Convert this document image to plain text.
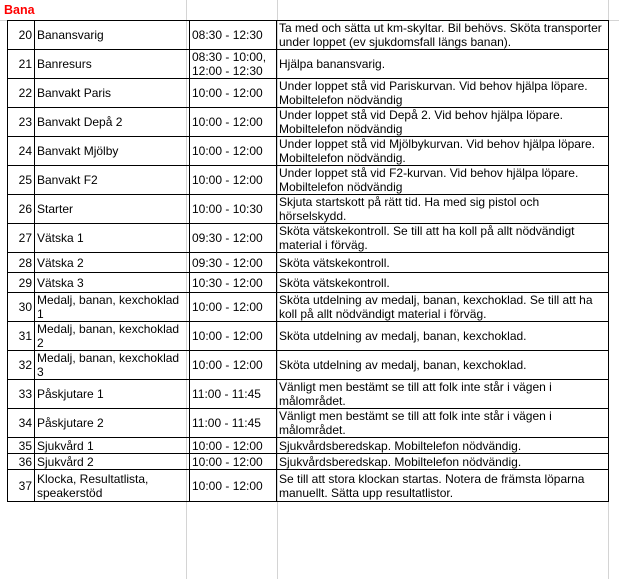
Bana
20	Banansvarig	08:30 - 12:30	Ta med och sätta ut km-skyltar. Bil behövs. Sköta transporter under loppet (ev sjukdomsfall längs banan).
21	Banresurs	08:30 - 10:00, 12:00 - 12:30	Hjälpa banansvarig.
22	Banvakt Paris	10:00 - 12:00	Under loppet stå vid Pariskurvan. Vid behov hjälpa löpare. Mobiltelefon nödvändig
23	Banvakt Depå 2	10:00 - 12:00	Under loppet stå vid Depå 2. Vid behov hjälpa löpare. Mobiltelefon nödvändig
24	Banvakt Mjölby	10:00 - 12:00	Under loppet stå vid Mjölbykurvan. Vid behov hjälpa löpare. Mobiltelefon nödvändig.
25	Banvakt F2	10:00 - 12:00	Under loppet stå vid F2-kurvan. Vid behov hjälpa löpare. Mobiltelefon nödvändig
26	Starter	10:00 - 10:30	Skjuta startskott på rätt tid. Ha med sig pistol och hörselskydd.
27	Vätska 1	09:30 - 12:00	Sköta vätskekontroll. Se till att ha koll på allt nödvändigt material i förväg.
28	Vätska 2	09:30 - 12:00	Sköta vätskekontroll.
29	Vätska 3	10:30 - 12:00	Sköta vätskekontroll.
30	Medalj, banan, kexchoklad 1	10:00 - 12:00	Sköta utdelning av medalj, banan, kexchoklad. Se till att ha koll på allt nödvändigt material i förväg.
31	Medalj, banan, kexchoklad 2	10:00 - 12:00	Sköta utdelning av medalj, banan, kexchoklad.
32	Medalj, banan, kexchoklad 3	10:00 - 12:00	Sköta utdelning av medalj, banan, kexchoklad.
33	Påskjutare 1	11:00 - 11:45	Vänligt men bestämt se till att folk inte står i vägen i målområdet.
34	Påskjutare 2	11:00 - 11:45	Vänligt men bestämt se till att folk inte står i vägen i målområdet.
35	Sjukvård 1	10:00 - 12:00	Sjukvårdsberedskap. Mobiltelefon nödvändig.
36	Sjukvård 2	10:00 - 12:00	Sjukvårdsberedskap. Mobiltelefon nödvändig.
37	Klocka, Resultatlista, speakerstöd	10:00 - 12:00	Se till att stora klockan startas. Notera de främsta löparna manuellt. Sätta upp resultatlistor.
